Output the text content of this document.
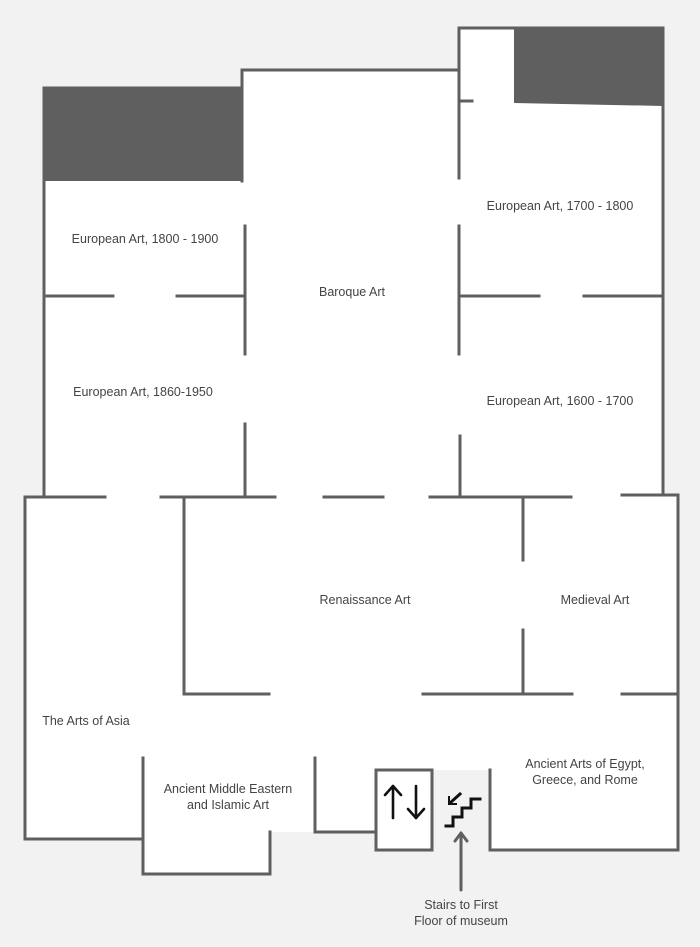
European Art, 1800 - 1900
Baroque Art
European Art, 1700 - 1800
European Art, 1860-1950
European Art, 1600 - 1700
Renaissance Art	Medieval Art
The Arts of Asia
Ancient Arts of Egypt,
Greece, and Rome
Ancient Middle Eastern
and Islamic Art
Stairs to First
Floor of museum
